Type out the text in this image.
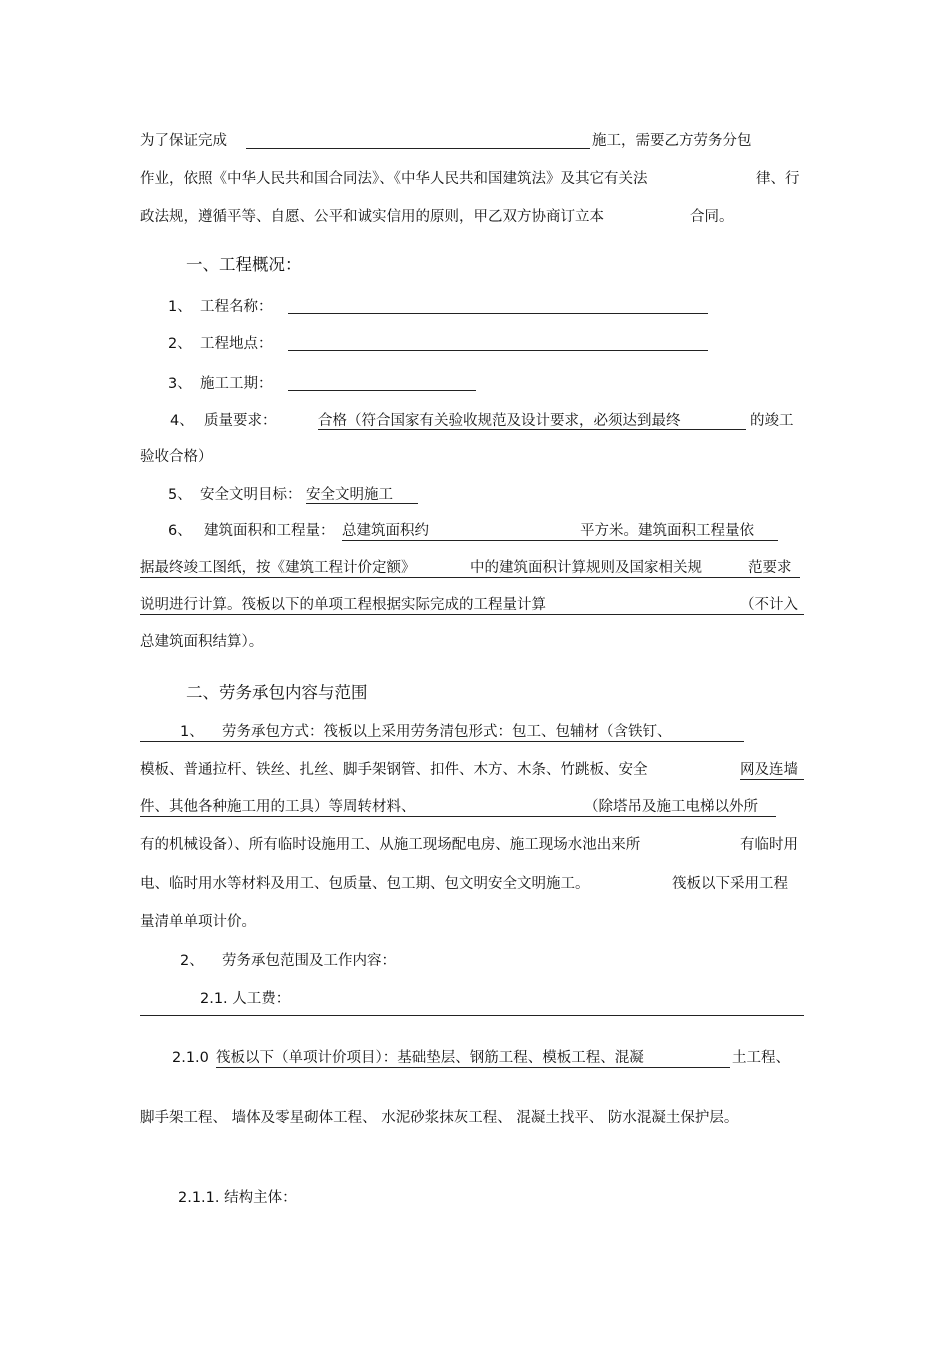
为了保证完成	施工，需要乙方劳务分包
作业，依照《中华人民共和国合同法》、《中华人民共和国建筑法》及其它有关法	律、行
政法规，遵循平等、自愿、公平和诚实信用的原则，甲乙双方协商订立本	合同。
一、工程概况：
1、 工程名称：
2、 工程地点：
3、 施工工期：
4、 质量要求：	合格（符合国家有关验收规范及设计要求，必须达到最终	的竣工
验收合格）
5、 安全文明目标： 安全文明施工
6、 建筑面积和工程量： 总建筑面积约	平方米。建筑面积工程量依
据最终竣工图纸，按《建筑工程计价定额》	中的建筑面积计算规则及国家相关规	范要求
说明进行计算。筏板以下的单项工程根据实际完成的工程量计算	（不计入
总建筑面积结算）。
二、劳务承包内容与范围
1、 劳务承包方式：筏板以上采用劳务清包形式：包工、包辅材（含铁钉、
模板、普通拉杆、铁丝、扎丝、脚手架钢管、扣件、木方、木条、竹跳板、安全	网及连墙
件、其他各种施工用的工具）等周转材料、	（除塔吊及施工电梯以外所
有的机械设备）、所有临时设施用工、从施工现场配电房、施工现场水池出来所	有临时用
电、临时用水等材料及用工、包质量、包工期、包文明安全文明施工。	筏板以下采用工程
量清单单项计价。
2、 劳务承包范围及工作内容：
2.1. 人工费：
2.1.0 筏板以下（单项计价项目）：基础垫层、钢筋工程、模板工程、混凝	土工程、
脚手架工程、 墙体及零星砌体工程、 水泥砂浆抹灰工程、 混凝土找平、 防水混凝土保护层。
2.1.1. 结构主体：
